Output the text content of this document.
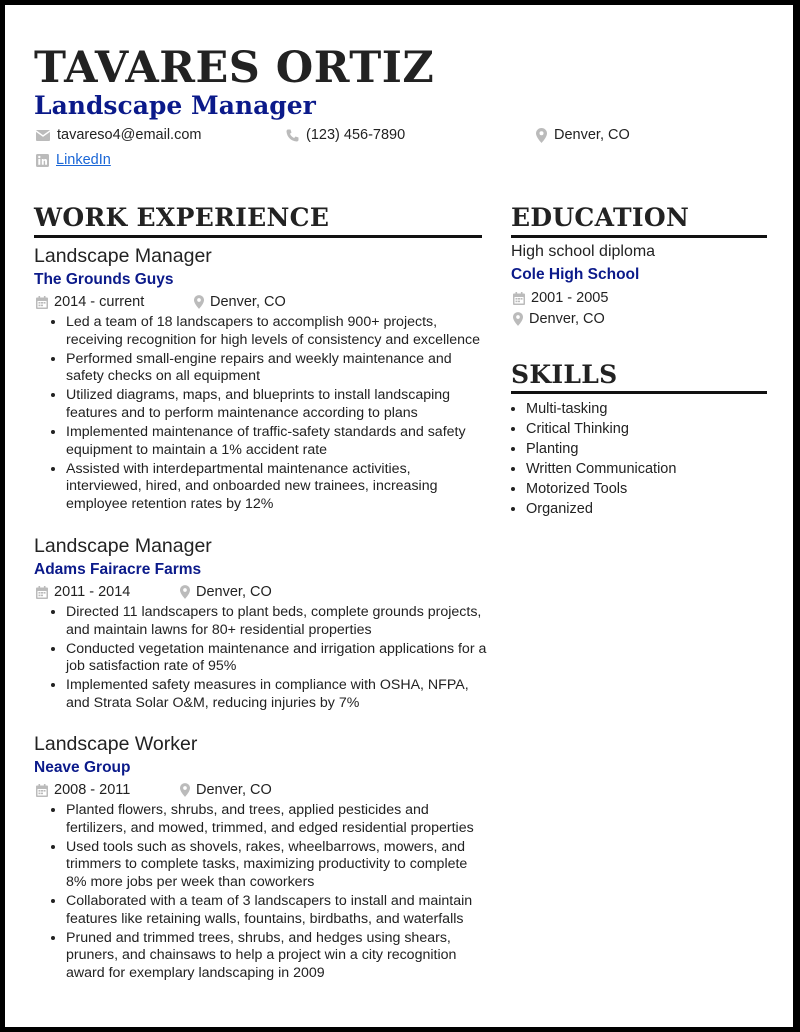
TAVARES ORTIZ
Landscape Manager
tavareso4@email.com	(123) 456-7890	Denver, CO
LinkedIn
WORK EXPERIENCE
Landscape Manager
The Grounds Guys
2014 - current	Denver, CO
• Led a team of 18 landscapers to accomplish 900+ projects, receiving recognition for high levels of consistency and excellence
• Performed small-engine repairs and weekly maintenance and safety checks on all equipment
• Utilized diagrams, maps, and blueprints to install landscaping features and to perform maintenance according to plans
• Implemented maintenance of traffic-safety standards and safety equipment to maintain a 1% accident rate
• Assisted with interdepartmental maintenance activities, interviewed, hired, and onboarded new trainees, increasing employee retention rates by 12%
Landscape Manager
Adams Fairacre Farms
2011 - 2014	Denver, CO
• Directed 11 landscapers to plant beds, complete grounds projects, and maintain lawns for 80+ residential properties
• Conducted vegetation maintenance and irrigation applications for a job satisfaction rate of 95%
• Implemented safety measures in compliance with OSHA, NFPA, and Strata Solar O&M, reducing injuries by 7%
Landscape Worker
Neave Group
2008 - 2011	Denver, CO
• Planted flowers, shrubs, and trees, applied pesticides and fertilizers, and mowed, trimmed, and edged residential properties
• Used tools such as shovels, rakes, wheelbarrows, mowers, and trimmers to complete tasks, maximizing productivity to complete 8% more jobs per week than coworkers
• Collaborated with a team of 3 landscapers to install and maintain features like retaining walls, fountains, birdbaths, and waterfalls
• Pruned and trimmed trees, shrubs, and hedges using shears, pruners, and chainsaws to help a project win a city recognition award for exemplary landscaping in 2009
EDUCATION
High school diploma
Cole High School
2001 - 2005
Denver, CO
SKILLS
• Multi-tasking
• Critical Thinking
• Planting
• Written Communication
• Motorized Tools
• Organized
